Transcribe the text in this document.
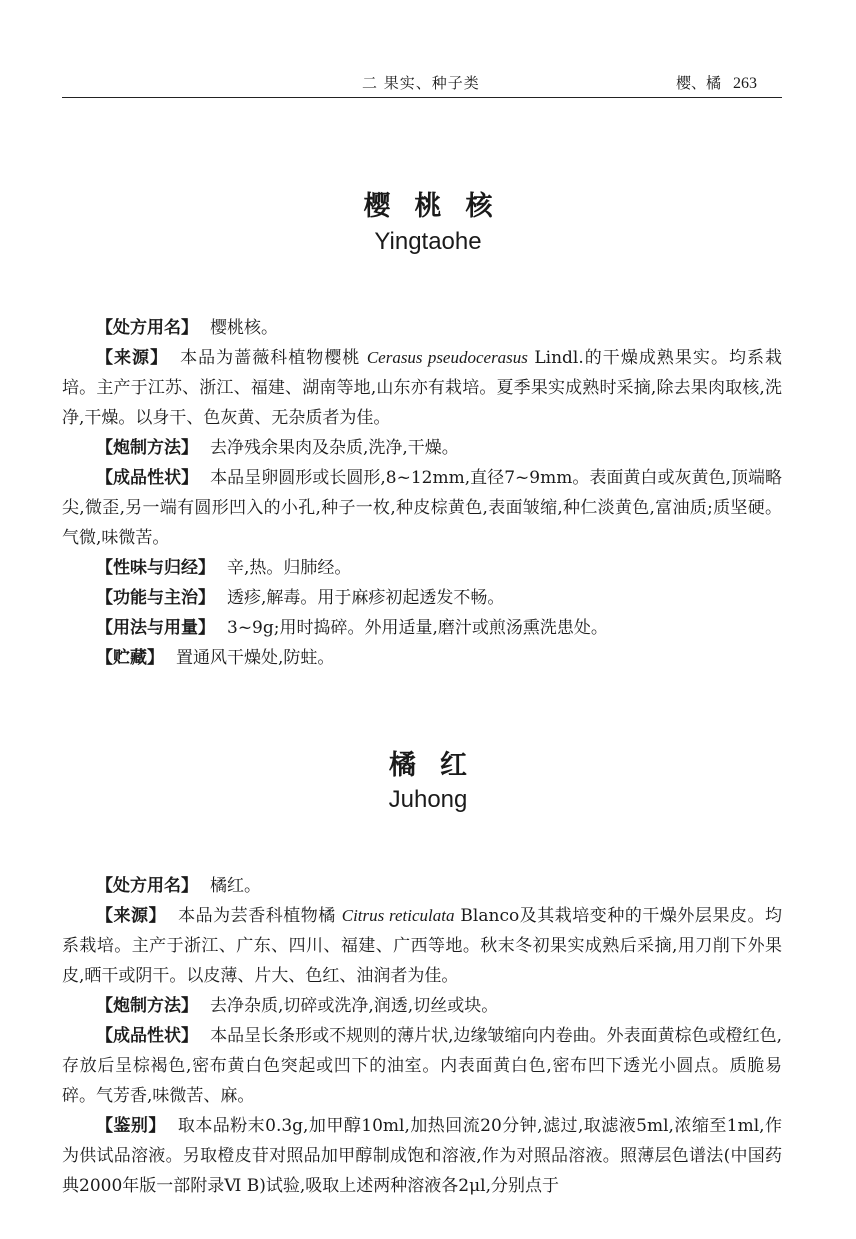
二 果实、种子类	樱、橘 263
樱桃核
Yingtaohe

【 处方用名 】 樱桃核。

【 来源 】 本品为蔷薇科植物樱桃 Cerasus pseudocerasus Lindl.的干燥成熟果实。均系栽培。主产于江苏、浙江、福建、湖南等地,山东亦有栽培。夏季果实成熟时采摘,除去果肉取核,洗净,干燥。以身干、色灰黄、无杂质者为佳。

【 炮制方法 】 去净残余果肉及杂质,洗净,干燥。

【 成品性状 】 本品呈卵圆形或长圆形,8~12mm,直径7~9mm。表面黄白或灰黄色,顶端略尖,微歪,另一端有圆形凹入的小孔,种子一枚,种皮棕黄色,表面皱缩,种仁淡黄色,富油质;质坚硬。气微,味微苦。

【 性味与归经 】 辛,热。归肺经。

【 功能与主治 】 透疹,解毒。用于麻疹初起透发不畅。

【 用法与用量 】 3~9g;用时捣碎。外用适量,磨汁或煎汤熏洗患处。

【 贮藏 】 置通风干燥处,防蛀。

橘红
Juhong

【 处方用名 】 橘红。

【 来源 】 本品为芸香科植物橘 Citrus reticulata Blanco及其栽培变种的干燥外层果皮。均系栽培。主产于浙江、广东、四川、福建、广西等地。秋末冬初果实成熟后采摘,用刀削下外果皮,晒干或阴干。以皮薄、片大、色红、油润者为佳。

【 炮制方法 】 去净杂质,切碎或洗净,润透,切丝或块。

【 成品性状 】 本品呈长条形或不规则的薄片状,边缘皱缩向内卷曲。外表面黄棕色或橙红色,存放后呈棕褐色,密布黄白色突起或凹下的油室。内表面黄白色,密布凹下透光小圆点。质脆易碎。气芳香,味微苦、麻。

【 鉴别 】 取本品粉末0.3g,加甲醇10ml,加热回流20分钟,滤过,取滤液5ml,浓缩至1ml,作为供试品溶液。另取橙皮苷对照品加甲醇制成饱和溶液,作为对照品溶液。照薄层色谱法(中国药典2000年版一部附录Ⅵ B)试验,吸取上述两种溶液各2μl,分别点于
